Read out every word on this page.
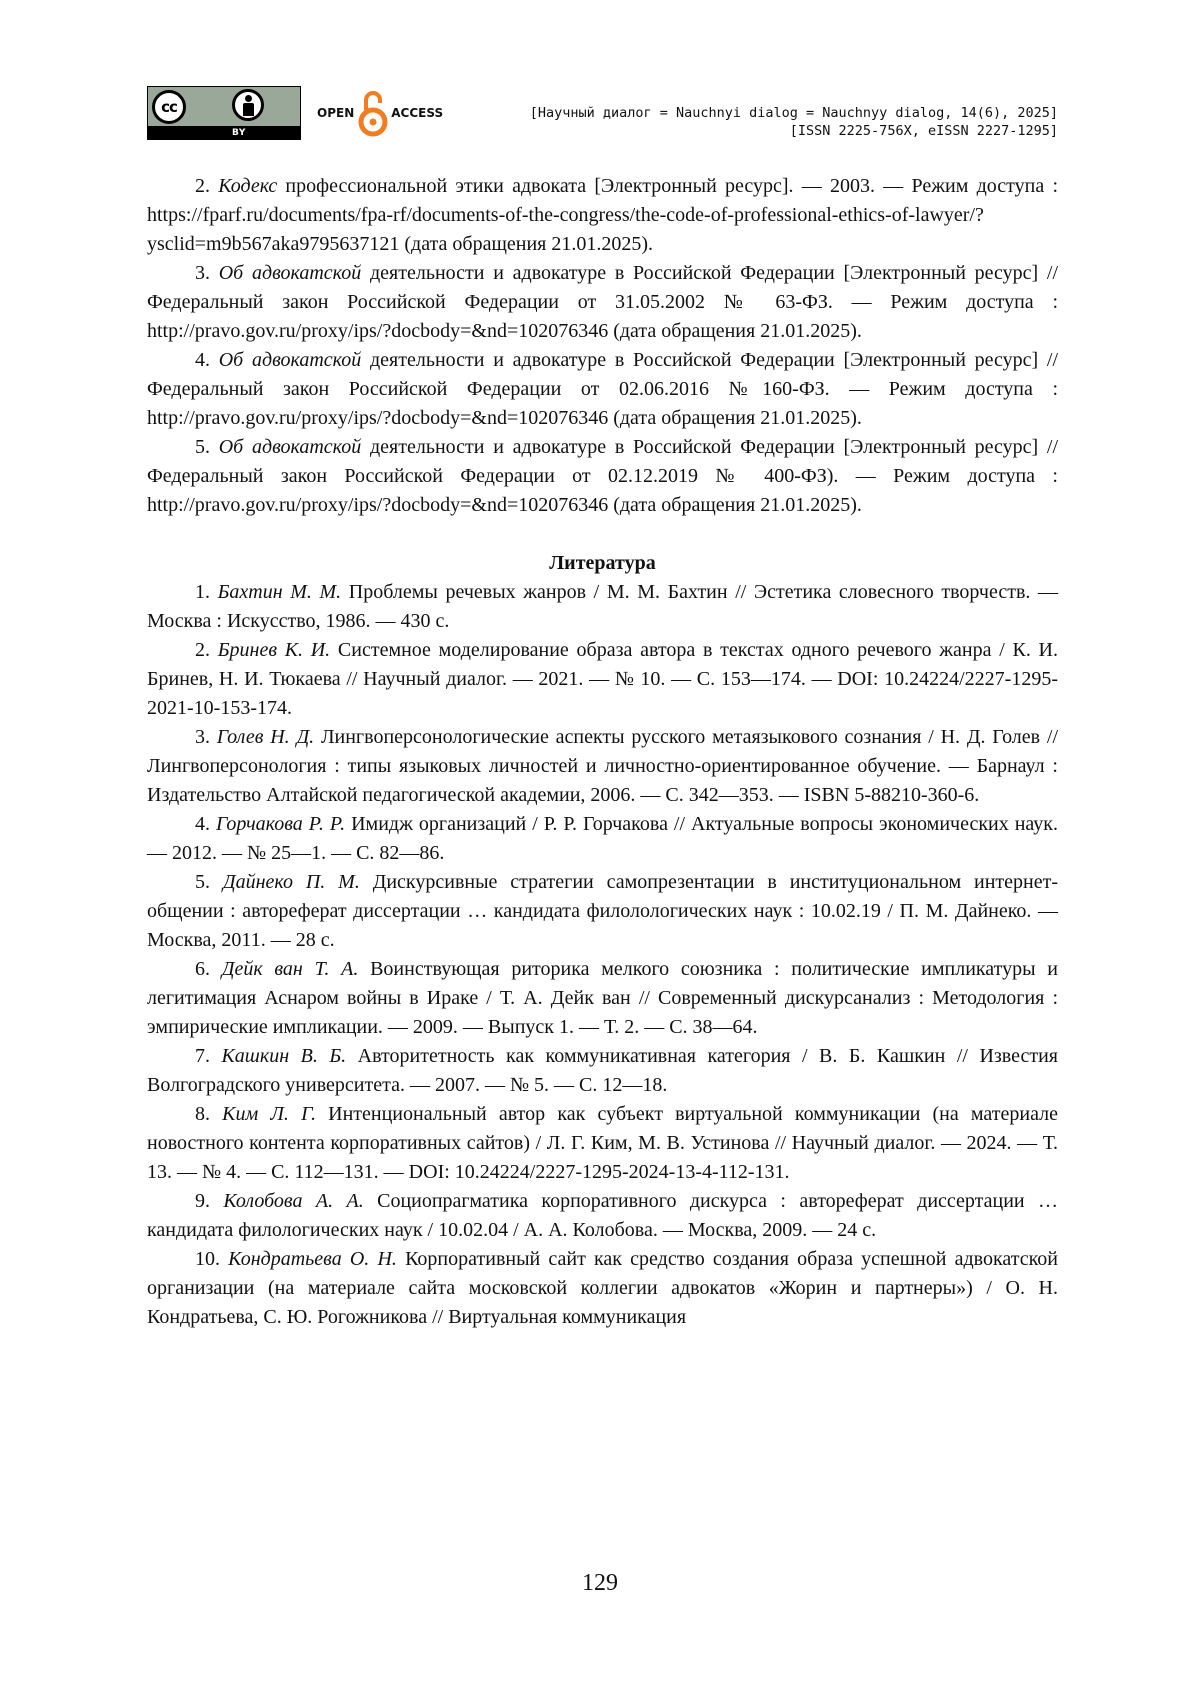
cc
BY
OPEN	ACCESS	[Научный диалог = Nauchnyi dialog = Nauchnyy dialog, 14(6), 2025]
[ISSN 2225-756X, eISSN 2227-1295]

2. Кодекс профессиональной этики адвоката [Электронный ресурс]. — 2003. — Режим доступа : https://fparf.ru/documents/fpa-rf/documents-of-the-congress/the-code-of-professional-ethics-of-lawyer/?ysclid=m9b567aka9795637121 (дата обращения 21.01.2025).

3. Об адвокатской деятельности и адвокатуре в Российской Федерации [Электронный ресурс] // Федеральный закон Российской Федерации от 31.05.2002 № 63-ФЗ. — Режим доступа : http://pravo.gov.ru/proxy/ips/?docbody=&nd=102076346 (дата обращения 21.01.2025).

4. Об адвокатской деятельности и адвокатуре в Российской Федерации [Электронный ресурс] // Федеральный закон Российской Федерации от 02.06.2016 №160-ФЗ. — Режим доступа : http://pravo.gov.ru/proxy/ips/?docbody=&nd=102076346 (дата обращения 21.01.2025).

5. Об адвокатской деятельности и адвокатуре в Российской Федерации [Электронный ресурс] // Федеральный закон Российской Федерации от 02.12.2019 № 400-ФЗ). — Режим доступа : http://pravo.gov.ru/proxy/ips/?docbody=&nd=102076346 (дата обращения 21.01.2025).

Литература

1. Бахтин М. М. Проблемы речевых жанров / М. М. Бахтин // Эстетика словесного творчеств. — Москва : Искусство, 1986. — 430 с.

2. Бринев К. И. Системное моделирование образа автора в текстах одного речевого жанра / К. И. Бринев, Н. И. Тюкаева // Научный диалог. — 2021. — № 10. — С. 153—174. — DOI: 10.24224/2227-1295-2021-10-153-174.

3. Голев Н. Д. Лингвоперсонологические аспекты русского метаязыкового сознания / Н. Д. Голев // Лингвоперсонология : типы языковых личностей и личностно-ориентированное обучение. — Барнаул : Издательство Алтайской педагогической академии, 2006. — С. 342—353. — ISBN 5-88210-360-6.

4. Горчакова Р. Р. Имидж организаций / Р. Р. Горчакова // Актуальные вопросы экономических наук. — 2012. — № 25—1. — С. 82—86.

5. Дайнеко П. М. Дискурсивные стратегии самопрезентации в институциональном интернет-общении : автореферат диссертации … кандидата филолологических наук : 10.02.19 / П. М. Дайнеко. — Москва, 2011. — 28 с.

6. Дейк ван Т. А. Воинствующая риторика мелкого союзника : политические импликатуры и легитимация Аснаром войны в Ираке / Т. А. Дейк ван // Современный дискурсанализ : Методология : эмпирические импликации. — 2009. — Выпуск 1. — Т. 2. — С. 38—64.

7. Кашкин В. Б. Авторитетность как коммуникативная категория / В. Б. Кашкин // Известия Волгоградского университета. — 2007. — № 5. — С. 12—18.

8. Ким Л. Г. Интенциональный автор как субъект виртуальной коммуникации (на материале новостного контента корпоративных сайтов) / Л. Г. Ким, М. В. Устинова // Научный диалог. — 2024. — Т. 13. — № 4. — С. 112—131. — DOI: 10.24224/2227-1295-2024-13-4-112-131.

9. Колобова А. А. Социопрагматика корпоративного дискурса : автореферат диссертации … кандидата филологических наук / 10.02.04 / А. А. Колобова. — Москва, 2009. — 24 с.

10. Кондратьева О. Н. Корпоративный сайт как средство создания образа успешной адвокатской организации (на материале сайта московской коллегии адвокатов «Жорин и партнеры») / О. Н. Кондратьева, С. Ю. Рогожникова // Виртуальная коммуникация

129
